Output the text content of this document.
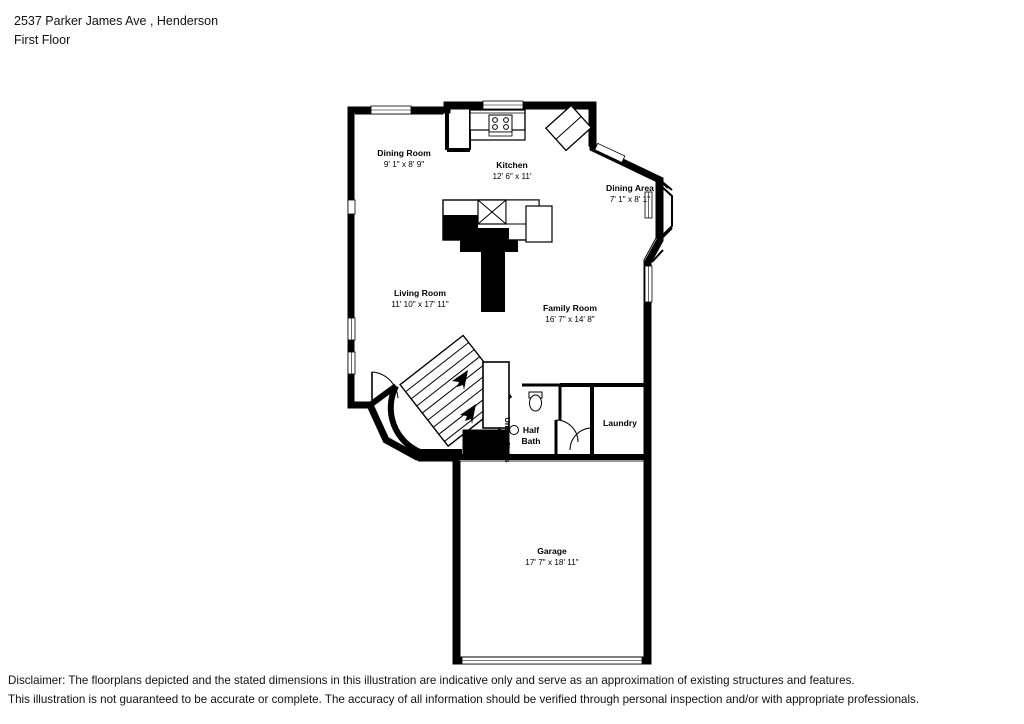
2537 Parker James Ave , Henderson
First Floor
Dining Room
9' 1" x 8' 9"	Kitchen
12' 6" x 11'
Dining Area
7' 1" x 8' 1"
Living Room
11' 10" x 17' 11"	Family Room
16' 7" x 14' 8"
Laundry
Garage
17' 7" x 18' 11"
Fireplace
Under Stairs Closet	Half
Bath
Disclaimer: The floorplans depicted and the stated dimensions in this illustration are indicative only and serve as an approximation of existing structures and features.
This illustration is not guaranteed to be accurate or complete. The accuracy of all information should be verified through personal inspection and/or with appropriate professionals.
